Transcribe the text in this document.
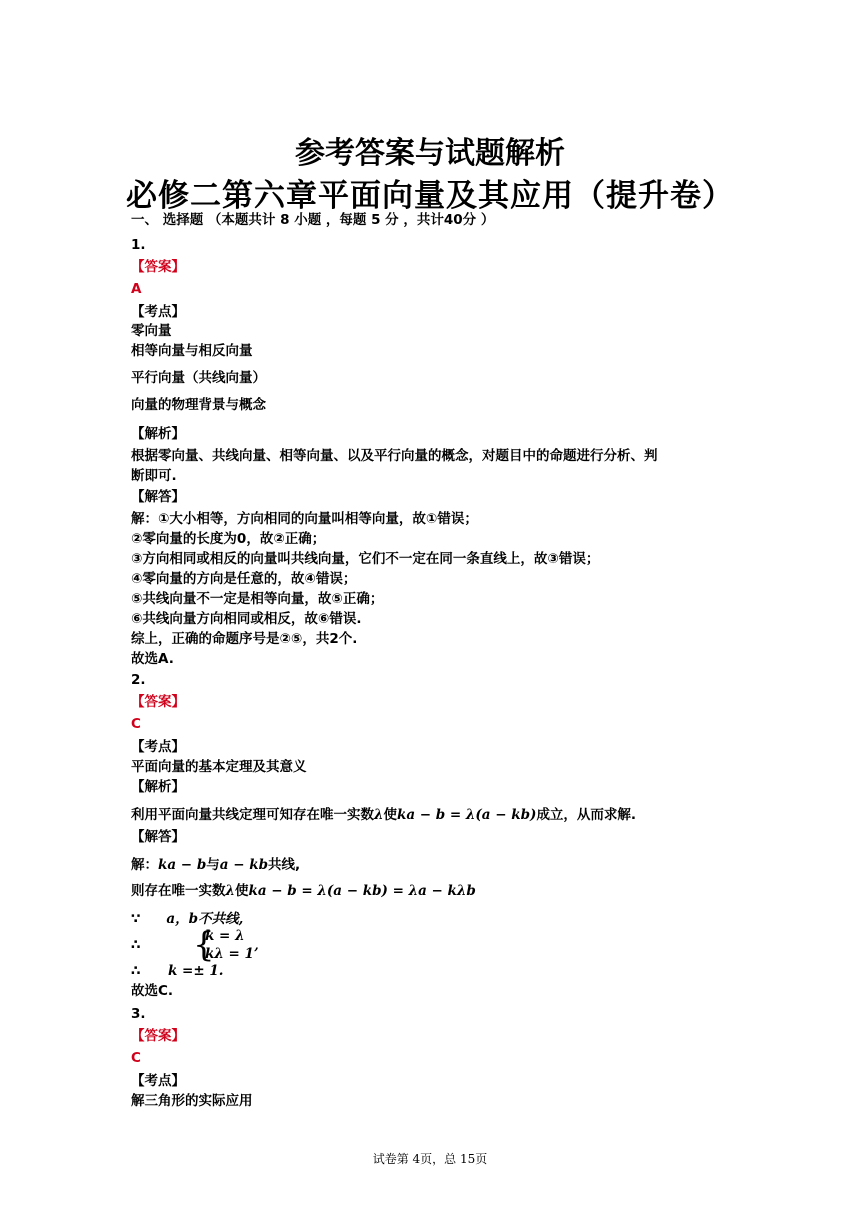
参考答案与试题解析
必修二第六章平面向量及其应用（提升卷）
一、 选择题 （本题共计 8 小题 ，每题 5 分 ，共计40分 ）
1.
【答案】
A
【考点】
零向量
相等向量与相反向量
平行向量（共线向量）
向量的物理背景与概念
【解析】
根据零向量、共线向量、相等向量、以及平行向量的概念，对题目中的命题进行分析、判
断即可.
【解答】
解：①大小相等，方向相同的向量叫相等向量，故①错误；
②零向量的长度为0，故②正确；
③方向相同或相反的向量叫共线向量，它们不一定在同一条直线上，故③错误；
④零向量的方向是任意的，故④错误；
⑤共线向量不一定是相等向量，故⑤正确；
⑥共线向量方向相同或相反，故⑥错误.
综上，正确的命题序号是②⑤，共2个.
故选A.
2.
【答案】
C
【考点】
平面向量的基本定理及其意义
【解析】
利用平面向量共线定理可知存在唯一实数λ使ka − b = λ(a − kb)成立，从而求解.
【解答】
解：ka − b与a − kb共线,
则存在唯一实数λ使ka − b = λ(a − kb) = λa − kλb
∵ a，b不共线,
∴ {
k = λ
kλ = 1’
∴ k =± 1.
故选C.
3.
【答案】
C
【考点】
解三角形的实际应用
试卷第 4页，总 15页
